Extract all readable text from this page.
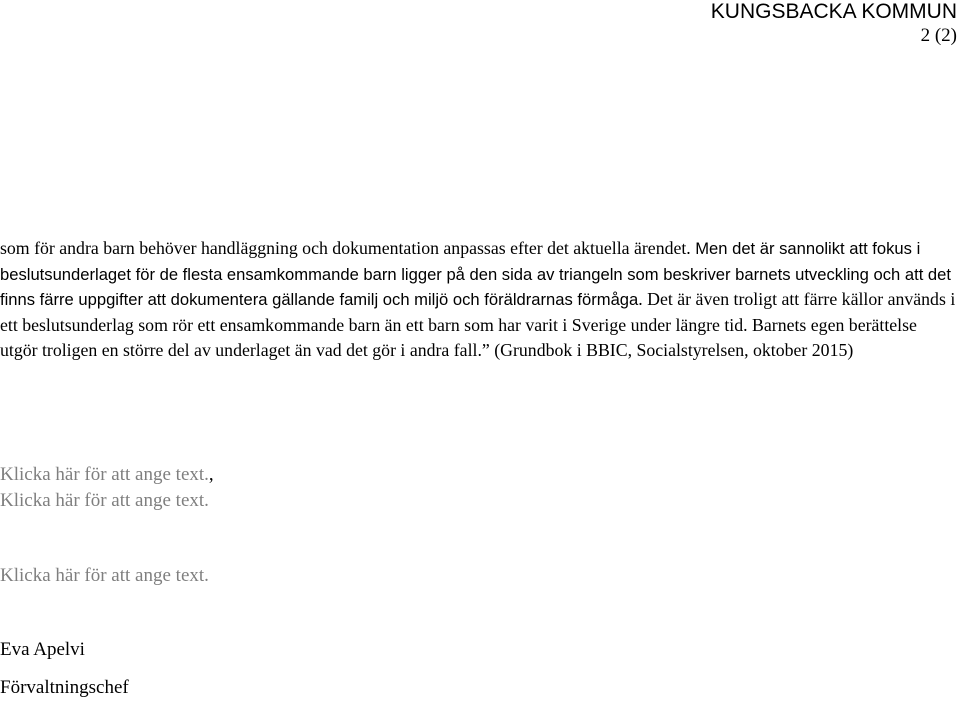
KUNGSBACKA KOMMUN
2 (2)

som för andra barn behöver handläggning och dokumentation anpassas efter det aktuella ärendet. Men det är sannolikt att fokus i beslutsunderlaget för de flesta ensamkommande barn ligger på den sida av triangeln som beskriver barnets utveckling och att det finns färre uppgifter att dokumentera gällande familj och miljö och föräldrarnas förmåga. Det är även troligt att färre källor används i ett beslutsunderlag som rör ett ensamkommande barn än ett barn som har varit i Sverige under längre tid. Barnets egen berättelse utgör troligen en större del av underlaget än vad det gör i andra fall.” (Grundbok i BBIC, Socialstyrelsen, oktober 2015)

Klicka här för att ange text.,
Klicka här för att ange text.
Klicka här för att ange text.
Eva Apelvi
Förvaltningschef
